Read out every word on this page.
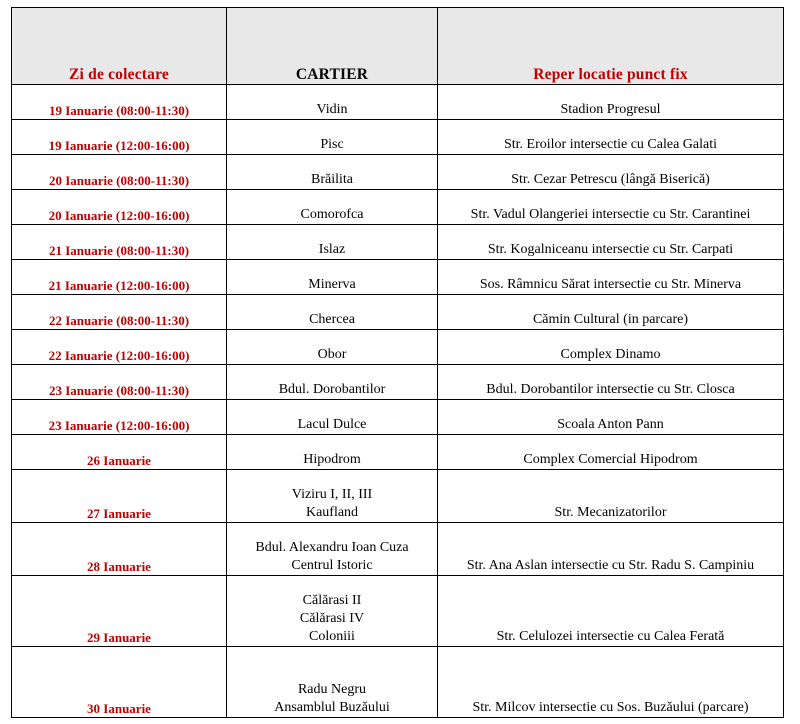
Zi de colectare	CARTIER	Reper locatie punct fix

19 Ianuarie (08:00-11:30)	Vidin	Stadion Progresul

19 Ianuarie (12:00-16:00)	Pisc	Str. Eroilor intersectie cu Calea Galati

20 Ianuarie (08:00-11:30)	Brăilita	Str. Cezar Petrescu (lângă Biserică)

20 Ianuarie (12:00-16:00)	Comorofca	Str. Vadul Olangeriei intersectie cu Str. Carantinei

21 Ianuarie (08:00-11:30)	Islaz	Str. Kogalniceanu intersectie cu Str. Carpati

21 Ianuarie (12:00-16:00)	Minerva	Sos. Râmnicu Sărat intersectie cu Str. Minerva

22 Ianuarie (08:00-11:30)	Chercea	Cămin Cultural (in parcare)

22 Ianuarie (12:00-16:00)	Obor	Complex Dinamo

23 Ianuarie (08:00-11:30)	Bdul. Dorobantilor	Bdul. Dorobantilor intersectie cu Str. Closca

23 Ianuarie (12:00-16:00)	Lacul Dulce	Scoala Anton Pann

26 Ianuarie	Hipodrom	Complex Comercial Hipodrom

27 Ianuarie	Viziru I, II, III
Kaufland	Str. Mecanizatorilor

28 Ianuarie	Bdul. Alexandru Ioan Cuza
Centrul Istoric	Str. Ana Aslan intersectie cu Str. Radu S. Campiniu

29 Ianuarie	Călărasi II
Călărasi IV
Coloniii	Str. Celulozei intersectie cu Calea Ferată

30 Ianuarie	Radu Negru
Ansamblul Buzăului	Str. Milcov intersectie cu Sos. Buzăului (parcare)
